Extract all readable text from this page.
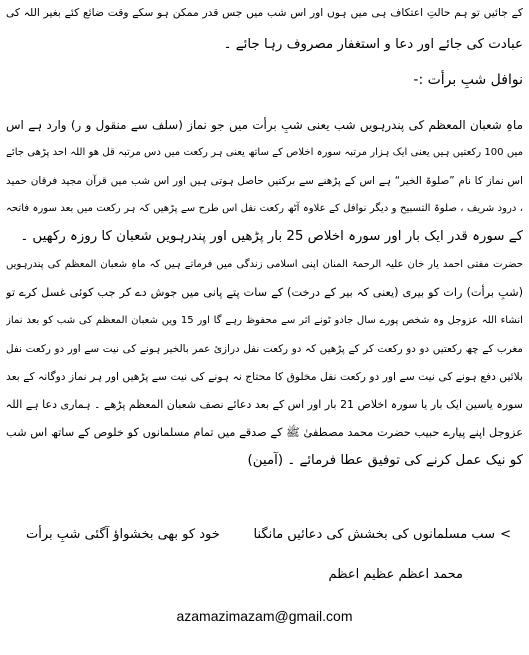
کے جائیں تو ہم حالتِ اعتکاف ہی میں ہوں اور اس شب میں جس قدر ممکن ہو سکے وقت ضائع کئے بغیر اللہ کی
عبادت کی جائے اور دعا و استغفار مصروف رہا جائے ۔
نوافل شبِ برأت :-
ماہِ شعبان المعظم کی پندرہویں شب یعنی شبِ برأت میں جو نماز (سلف سے منقول و ر) وارد ہے اس
میں 100 رکعتیں ہیں یعنی ایک ہزار مرتبہ سورہ اخلاص کے ساتھ یعنی ہر رکعت میں دس مرتبہ قل ھو اللہ احد پڑھی جائے
اس نماز کا نام ”صلوۃ الخیر“ ہے اس کے پڑھنے سے برکتیں حاصل ہوتی ہیں اور اس شب میں قرآن مجید فرقان حمید
، درود شریف ، صلوۃ التسبیح و دیگر نوافل کے علاوہ آٹھ رکعت نفل اس طرح سے پڑھیں کہ ہر رکعت میں بعد سورہ فاتحہ
کے سورہ قدر ایک بار اور سورہ اخلاص 25 بار پڑھیں اور پندرہویں شعبان کا روزہ رکھیں ۔
حضرت مفتی احمد یار خان علیہ الرحمۃ المنان اپنی اسلامی زندگی میں فرماتے ہیں کہ ماہِ شعبان المعظم کی پندرہویں
(شبِ برأت) رات کو بیری (یعنی کہ بیر کے درخت) کے سات پتے پانی میں جوش دے کر جب کوئی غسل کرے تو
انشاء اللہ عزوجل وہ شخص پورے سال جادو ٹونے اثر سے محفوظ رہے گا اور 15 ویں شعبان المعظم کی شب کو بعد نماز
مغرب کے چھ رکعتیں دو دو رکعت کر کے پڑھیں کہ دو رکعت نفل درازیٔ عمر بالخیر ہونے کی نیت سے اور دو رکعت نفل
بلائیں دفع ہونے کی نیت سے اور دو رکعت نفل مخلوق کا محتاج نہ ہونے کی نیت سے پڑھیں اور ہر نماز دوگانہ کے بعد
سورہ یاسین ایک بار یا سورہ اخلاص 21 بار اور اس کے بعد دعائے نصف شعبان المعظم پڑھے ۔ ہماری دعا ہے اللہ
عزوجل اپنے پیارے حبیب حضرت محمد مصطفیٰ ﷺ کے صدقے میں تمام مسلمانوں کو خلوص کے ساتھ اس شب
کو نیک عمل کرنے کی توفیق عطا فرمائے ۔ (آمین)
<
سب مسلمانوں کی بخشش کی دعائیں مانگنا
خود کو بھی بخشواؤ آگئی شبِ برأت
محمد اعظم عظیم اعظم
azamazimazam@gmail.com
